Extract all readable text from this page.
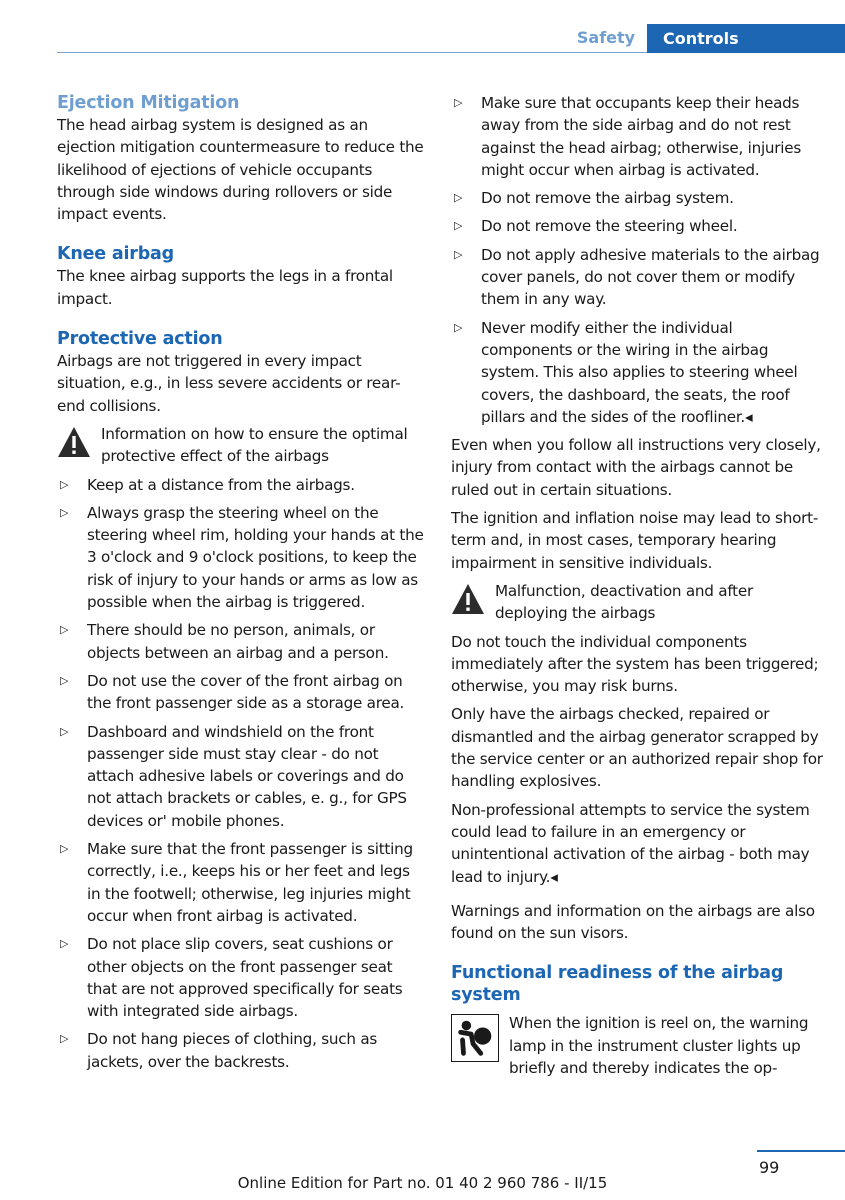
Safety	Controls
Ejection Mitigation

The head airbag system is designed as an ejection mitigation countermeasure to reduce the likelihood of ejections of vehicle occupants through side windows during rollovers or side impact events.

Knee airbag

The knee airbag supports the legs in a frontal impact.

Protective action

Airbags are not triggered in every impact situation, e.g., in less severe accidents or rear-end collisions.

Information on how to ensure the optimal protective effect of the airbags
▷ Keep at a distance from the airbags.
▷ Always grasp the steering wheel on the steering wheel rim, holding your hands at the 3 o'clock and 9 o'clock positions, to keep the risk of injury to your hands or arms as low as possible when the airbag is triggered.
▷ There should be no person, animals, or objects between an airbag and a person.
▷ Do not use the cover of the front airbag on the front passenger side as a storage area.
▷ Dashboard and windshield on the front passenger side must stay clear - do not attach adhesive labels or coverings and do not attach brackets or cables, e. g., for GPS devices or' mobile phones.
▷ Make sure that the front passenger is sitting correctly, i.e., keeps his or her feet and legs in the footwell; otherwise, leg injuries might occur when front airbag is activated.
▷ Do not place slip covers, seat cushions or other objects on the front passenger seat that are not approved specifically for seats with integrated side airbags.
▷ Do not hang pieces of clothing, such as jackets, over the backrests.
▷ Make sure that occupants keep their heads away from the side airbag and do not rest against the head airbag; otherwise, injuries might occur when airbag is activated.
▷ Do not remove the airbag system.
▷ Do not remove the steering wheel.
▷ Do not apply adhesive materials to the airbag cover panels, do not cover them or modify them in any way.
▷ Never modify either the individual components or the wiring in the airbag system. This also applies to steering wheel covers, the dashboard, the seats, the roof pillars and the sides of the roofliner.◂

Even when you follow all instructions very closely, injury from contact with the airbags cannot be ruled out in certain situations.

The ignition and inflation noise may lead to short-term and, in most cases, temporary hearing impairment in sensitive individuals.

Malfunction, deactivation and after deploying the airbags

Do not touch the individual components immediately after the system has been triggered; otherwise, you may risk burns.

Only have the airbags checked, repaired or dismantled and the airbag generator scrapped by the service center or an authorized repair shop for handling explosives.

Non-professional attempts to service the system could lead to failure in an emergency or unintentional activation of the airbag - both may lead to injury.◂

Warnings and information on the airbags are also found on the sun visors.

Functional readiness of the airbag system
When the ignition is reel on, the warning lamp in the instrument cluster lights up briefly and thereby indicates the op-
99
Online Edition for Part no. 01 40 2 960 786 - II/15
